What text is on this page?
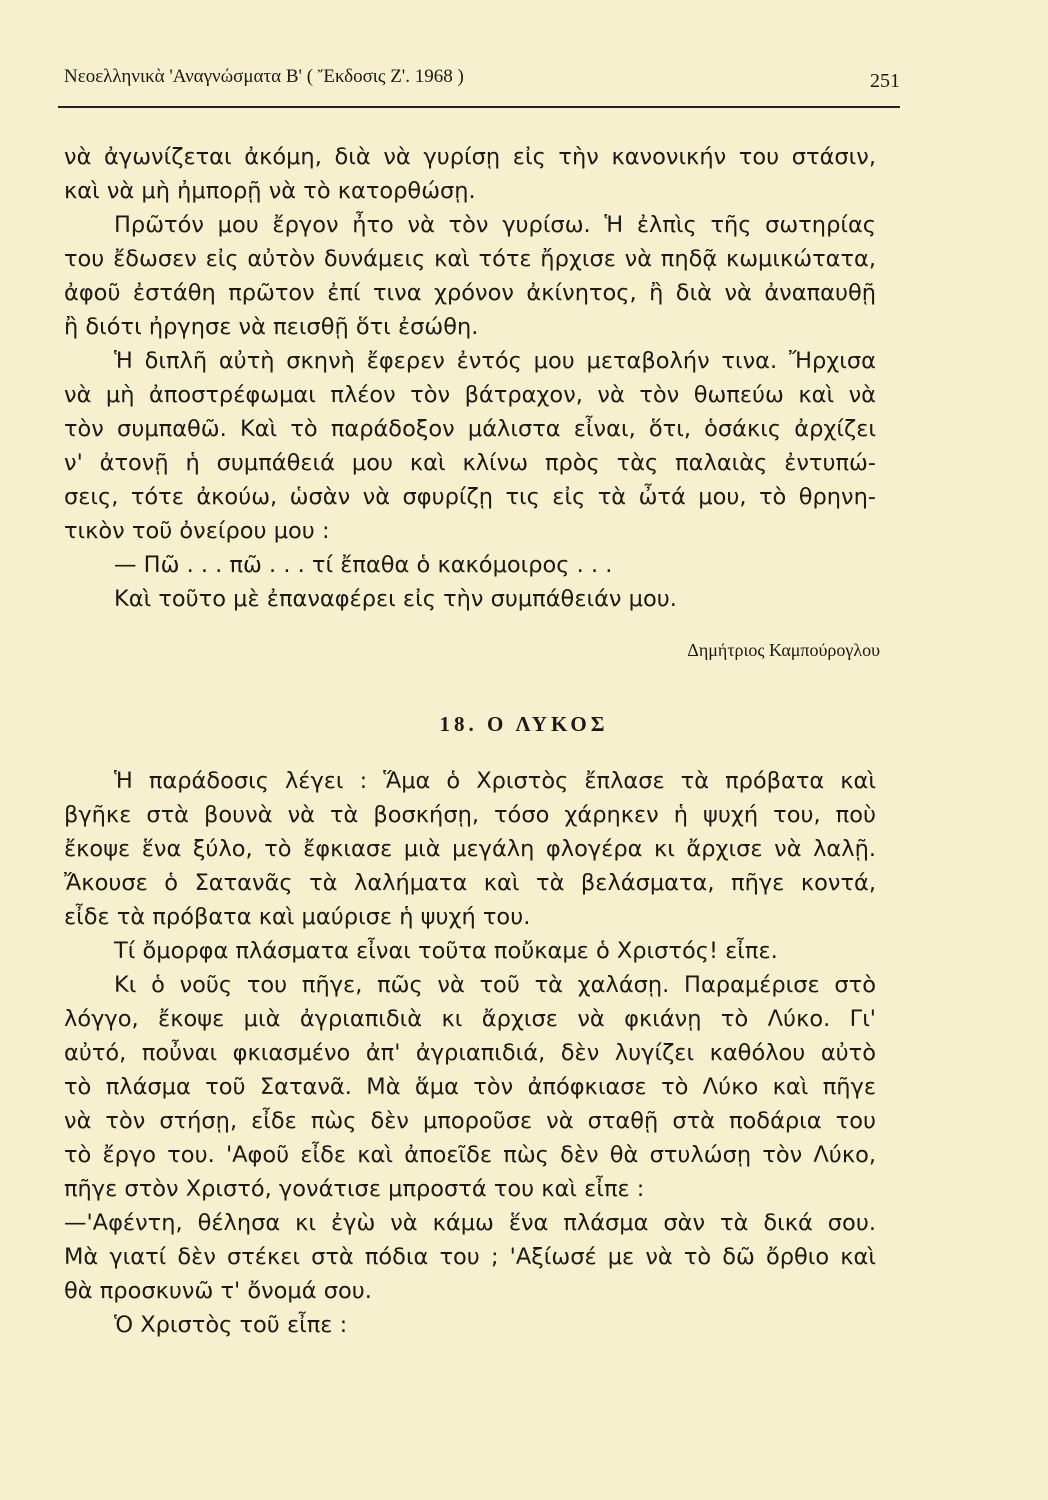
Νεοελληνικὰ 'Αναγνώσματα Β' ( Ἔκδοσις Ζ'. 1968 )	251
νὰ ἀγωνίζεται ἀκόμη, διὰ νὰ γυρίσῃ εἰς τὴν κανονικήν του στάσιν,
καὶ νὰ μὴ ἠμπορῇ νὰ τὸ κατορθώσῃ.
Πρῶτόν μου ἔργον ἦτο νὰ τὸν γυρίσω. Ἡ ἐλπὶς τῆς σωτηρίας
του ἔδωσεν εἰς αὐτὸν δυνάμεις καὶ τότε ἤρχισε νὰ πηδᾷ κωμικώτατα,
ἀφοῦ ἐστάθη πρῶτον ἐπί τινα χρόνον ἀκίνητος, ἢ διὰ νὰ ἀναπαυθῇ
ἢ διότι ἠργησε νὰ πεισθῇ ὅτι ἐσώθη.
Ἡ διπλῆ αὐτὴ σκηνὴ ἔφερεν ἐντός μου μεταβολήν τινα. Ἤρχισα
νὰ μὴ ἀποστρέφωμαι πλέον τὸν βάτραχον, νὰ τὸν θωπεύω καὶ νὰ
τὸν συμπαθῶ. Καὶ τὸ παράδοξον μάλιστα εἶναι, ὅτι, ὁσάκις ἀρχίζει
ν' ἀτονῇ ἡ συμπάθειά μου καὶ κλίνω πρὸς τὰς παλαιὰς ἐντυπώ-
σεις, τότε ἀκούω, ὡσὰν νὰ σφυρίζῃ τις εἰς τὰ ὦτά μου, τὸ θρηνη-
τικὸν τοῦ ὀνείρου μου :
— Πῶ . . . πῶ . . . τί ἔπαθα ὁ κακόμοιρος . . .
Καὶ τοῦτο μὲ ἐπαναφέρει εἰς τὴν συμπάθειάν μου.
Δημήτριος Καμπούρογλου
18. Ο ΛΥΚΟΣ
Ἡ παράδοσις λέγει : Ἅμα ὁ Χριστὸς ἔπλασε τὰ πρόβατα καὶ
βγῆκε στὰ βουνὰ νὰ τὰ βοσκήσῃ, τόσο χάρηκεν ἡ ψυχή του, ποὺ
ἔκοψε ἕνα ξύλο, τὸ ἔφκιασε μιὰ μεγάλη φλογέρα κι ἄρχισε νὰ λαλῇ.
Ἄκουσε ὁ Σατανᾶς τὰ λαλήματα καὶ τὰ βελάσματα, πῆγε κοντά,
εἶδε τὰ πρόβατα καὶ μαύρισε ἡ ψυχή του.
Τί ὄμορφα πλάσματα εἶναι τοῦτα ποὔκαμε ὁ Χριστός! εἶπε.
Κι ὁ νοῦς του πῆγε, πῶς νὰ τοῦ τὰ χαλάσῃ. Παραμέρισε στὸ
λόγγο, ἔκοψε μιὰ ἀγριαπιδιὰ κι ἄρχισε νὰ φκιάνῃ τὸ Λύκο. Γι'
αὐτό, ποὖναι φκιασμένο ἀπ' ἀγριαπιδιά, δὲν λυγίζει καθόλου αὐτὸ
τὸ πλάσμα τοῦ Σατανᾶ. Μὰ ἅμα τὸν ἀπόφκιασε τὸ Λύκο καὶ πῆγε
νὰ τὸν στήσῃ, εἶδε πὼς δὲν μποροῦσε νὰ σταθῇ στὰ ποδάρια του
τὸ ἔργο του. 'Αφοῦ εἶδε καὶ ἀποεῖδε πὼς δὲν θὰ στυλώσῃ τὸν Λύκο,
πῆγε στὸν Χριστό, γονάτισε μπροστά του καὶ εἶπε :
—'Αφέντη, θέλησα κι ἐγὼ νὰ κάμω ἕνα πλάσμα σὰν τὰ δικά σου.
Μὰ γιατί δὲν στέκει στὰ πόδια του ; 'Αξίωσέ με νὰ τὸ δῶ ὄρθιο καὶ
θὰ προσκυνῶ τ' ὄνομά σου.
Ὁ Χριστὸς τοῦ εἶπε :
